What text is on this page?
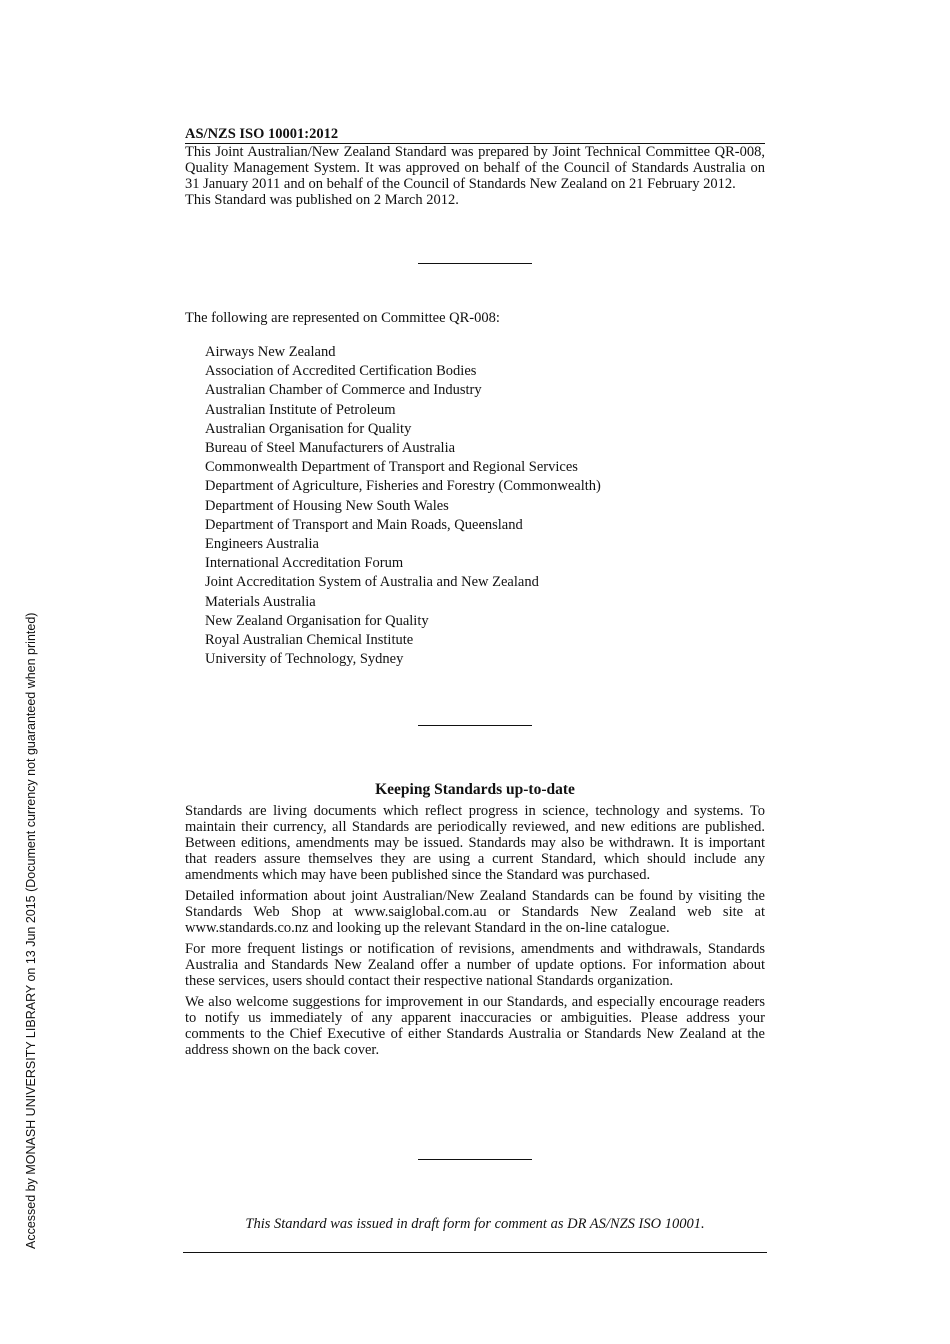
Accessed by MONASH UNIVERSITY LIBRARY on 13 Jun 2015 (Document currency not guaranteed when printed)
AS/NZS ISO 10001:2012

This Joint Australian/New Zealand Standard was prepared by Joint Technical Committee QR-008, Quality Management System. It was approved on behalf of the Council of Standards Australia on 31 January 2011 and on behalf of the Council of Standards New Zealand on 21 February 2012.

This Standard was published on 2 March 2012.

The following are represented on Committee QR-008:
Airways New Zealand
Association of Accredited Certification Bodies
Australian Chamber of Commerce and Industry
Australian Institute of Petroleum
Australian Organisation for Quality
Bureau of Steel Manufacturers of Australia
Commonwealth Department of Transport and Regional Services
Department of Agriculture, Fisheries and Forestry (Commonwealth)
Department of Housing New South Wales
Department of Transport and Main Roads, Queensland
Engineers Australia
International Accreditation Forum
Joint Accreditation System of Australia and New Zealand
Materials Australia
New Zealand Organisation for Quality
Royal Australian Chemical Institute
University of Technology, Sydney
Keeping Standards up-to-date

Standards are living documents which reflect progress in science, technology and systems. To maintain their currency, all Standards are periodically reviewed, and new editions are published. Between editions, amendments may be issued. Standards may also be withdrawn. It is important that readers assure themselves they are using a current Standard, which should include any amendments which may have been published since the Standard was purchased.

Detailed information about joint Australian/New Zealand Standards can be found by visiting the Standards Web Shop at www.saiglobal.com.au or Standards New Zealand web site at www.standards.co.nz and looking up the relevant Standard in the on-line catalogue.

For more frequent listings or notification of revisions, amendments and withdrawals, Standards Australia and Standards New Zealand offer a number of update options. For information about these services, users should contact their respective national Standards organization.

We also welcome suggestions for improvement in our Standards, and especially encourage readers to notify us immediately of any apparent inaccuracies or ambiguities. Please address your comments to the Chief Executive of either Standards Australia or Standards New Zealand at the address shown on the back cover.

This Standard was issued in draft form for comment as DR AS/NZS ISO 10001.
